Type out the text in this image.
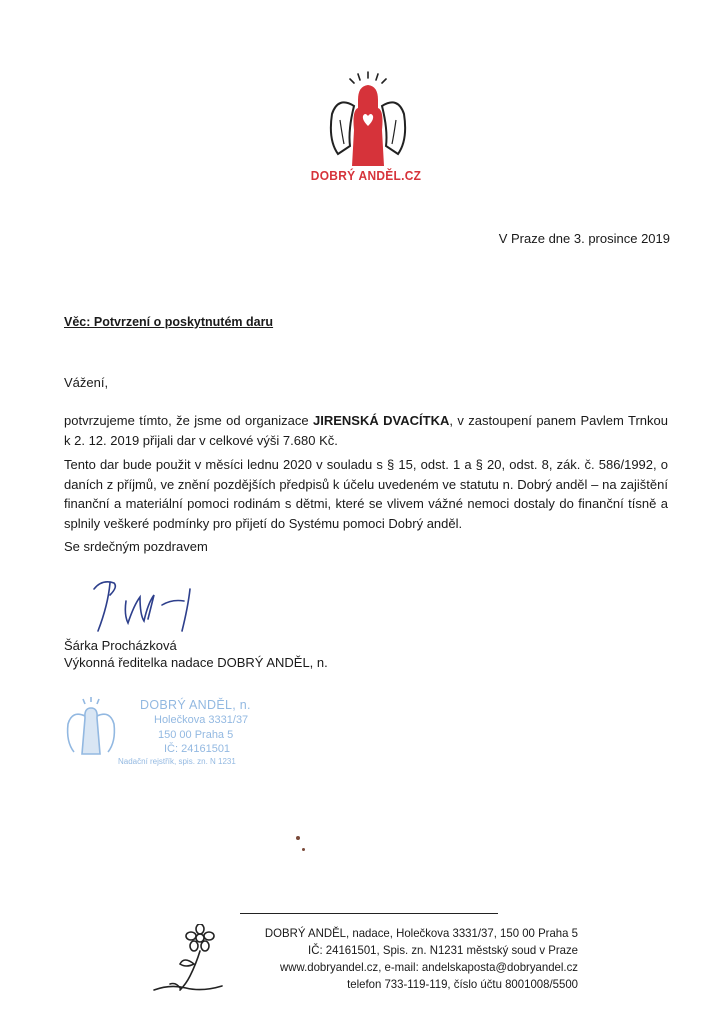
DOBRÝ ANDĚL.CZ
V Praze dne 3. prosince 2019
Věc: Potvrzení o poskytnutém daru
Vážení,
potvrzujeme tímto, že jsme od organizace JIRENSKÁ DVACÍTKA, v zastoupení panem Pavlem Trnkou k 2. 12. 2019 přijali dar v celkové výši 7.680 Kč.
Tento dar bude použit v měsíci lednu 2020 v souladu s § 15, odst. 1 a § 20, odst. 8, zák. č. 586/1992, o daních z příjmů, ve znění pozdějších předpisů k účelu uvedeném ve statutu n. Dobrý anděl – na zajištění finanční a materiální pomoci rodinám s dětmi, které se vlivem vážné nemoci dostaly do finanční tísně a splnily veškeré podmínky pro přijetí do Systému pomoci Dobrý anděl.
Se srdečným pozdravem
Šárka Procházková
Výkonná ředitelka nadace DOBRÝ ANDĚL, n.
DOBRÝ ANDĚL, n.
Holečkova 3331/37
150 00 Praha 5
IČ: 24161501
Nadační rejstřík, spis. zn. N 1231
DOBRÝ ANDĚL, nadace, Holečkova 3331/37, 150 00 Praha 5
IČ: 24161501, Spis. zn. N1231 městský soud v Praze
www.dobryandel.cz, e-mail: andelskaposta@dobryandel.cz
telefon 733-119-119, číslo účtu 8001008/5500
